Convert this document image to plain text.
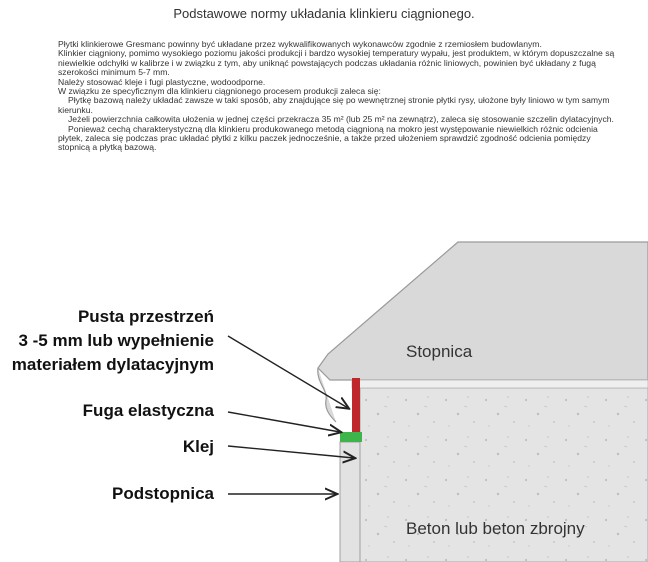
Podstawowe normy układania klinkieru ciągnionego.

Płytki klinkierowe Gresmanc powinny być układane przez wykwalifikowanych wykonawców zgodnie z rzemiosłem budowlanym.

Klinkier ciągniony, pomimo wysokiego poziomu jakości produkcji i bardzo wysokiej temperatury wypału, jest produktem, w którym dopuszczalne są niewielkie odchyłki w kalibrze i w związku z tym, aby uniknąć powstających podczas układania różnic liniowych, powinien być układany z fugą szerokości minimum 5-7 mm.

Należy stosować kleje i fugi plastyczne, wodoodporne.

W związku ze specyficznym dla klinkieru ciągnionego procesem produkcji zaleca się:

Płytkę bazową należy układać zawsze w taki sposób, aby znajdujące się po wewnętrznej stronie płytki rysy, ułożone były liniowo w tym samym kierunku.

Jeżeli powierzchnia całkowita ułożenia w jednej części przekracza 35 m² (lub 25 m² na zewnątrz), zaleca się stosowanie szczelin dylatacyjnych.

Ponieważ cechą charakterystyczną dla klinkieru produkowanego metodą ciągnioną na mokro jest występowanie niewielkich różnic odcienia płytek, zaleca się podczas prac układać płytki z kilku paczek jednocześnie, a także przed ułożeniem sprawdzić zgodność odcienia pomiędzy stopnicą a płytką bazową.

Pusta przestrzeń
3 -5 mm lub wypełnienie
materiałem dylatacyjnym
Fuga elastyczna
Klej
Podstopnica
Stopnica
Beton lub beton zbrojny
